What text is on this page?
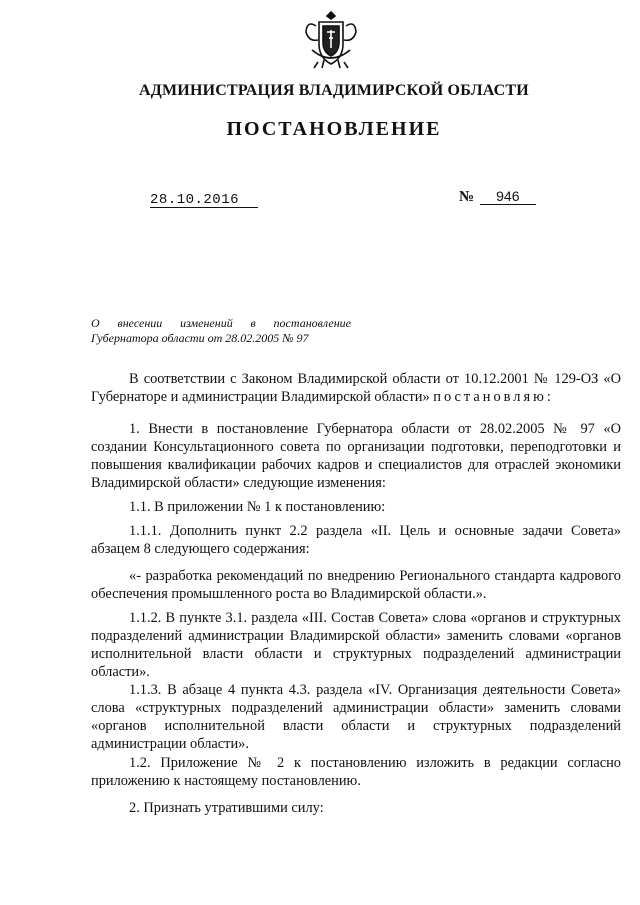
АДМИНИСТРАЦИЯ ВЛАДИМИРСКОЙ ОБЛАСТИ
ПОСТАНОВЛЕНИЕ
28.10.2016	№ 946
О внесении изменений в постановление Губернатора области от 28.02.2005 № 97

В соответствии с Законом Владимирской области от 10.12.2001 № 129-ОЗ «О Губернаторе и администрации Владимирской области» постановляю:

1. Внести в постановление Губернатора области от 28.02.2005 № 97 «О создании Консультационного совета по организации подготовки, переподготовки и повышения квалификации рабочих кадров и специалистов для отраслей экономики Владимирской области» следующие изменения:

1.1. В приложении № 1 к постановлению:

1.1.1. Дополнить пункт 2.2 раздела «II. Цель и основные задачи Совета» абзацем 8 следующего содержания:

«- разработка рекомендаций по внедрению Регионального стандарта кадрового обеспечения промышленного роста во Владимирской области.».

1.1.2. В пункте 3.1. раздела «III. Состав Совета» слова «органов и структурных подразделений администрации Владимирской области» заменить словами «органов исполнительной власти области и структурных подразделений администрации области».

1.1.3. В абзаце 4 пункта 4.3. раздела «IV. Организация деятельности Совета» слова «структурных подразделений администрации области» заменить словами «органов исполнительной власти области и структурных подразделений администрации области».

1.2. Приложение № 2 к постановлению изложить в редакции согласно приложению к настоящему постановлению.

2. Признать утратившими силу:
